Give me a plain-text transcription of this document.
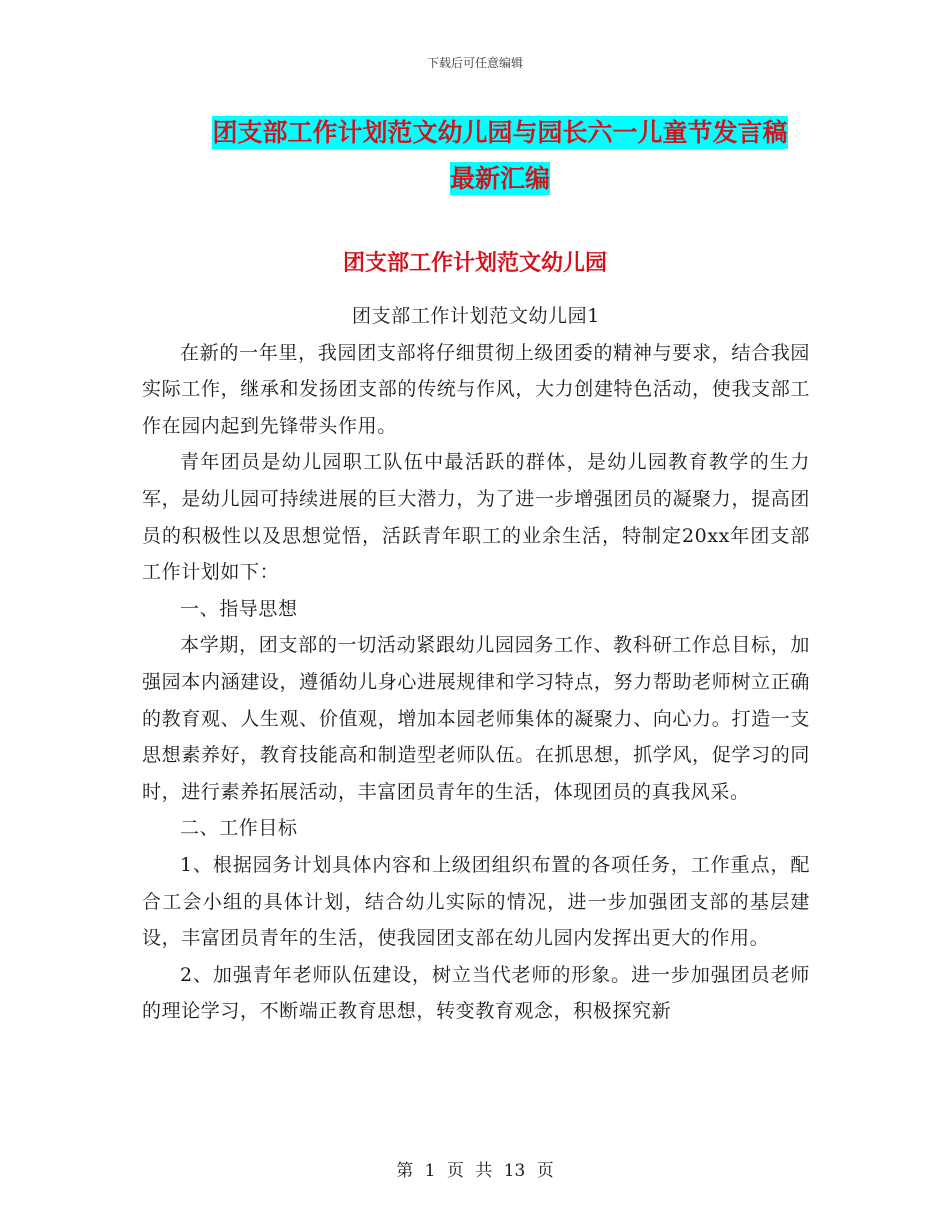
下载后可任意编辑
团支部工作计划范文幼儿园与园长六一儿童节发言稿
最新汇编
团支部工作计划范文幼儿园

团支部工作计划范文幼儿园1

在新的一年里，我园团支部将仔细贯彻上级团委的精神与要求，结合我园实际工作，继承和发扬团支部的传统与作风，大力创建特色活动，使我支部工作在园内起到先锋带头作用。

青年团员是幼儿园职工队伍中最活跃的群体，是幼儿园教育教学的生力军，是幼儿园可持续进展的巨大潜力，为了进一步增强团员的凝聚力，提高团员的积极性以及思想觉悟，活跃青年职工的业余生活，特制定20xx年团支部工作计划如下：

一、指导思想

本学期，团支部的一切活动紧跟幼儿园园务工作、教科研工作总目标，加强园本内涵建设，遵循幼儿身心进展规律和学习特点，努力帮助老师树立正确的教育观、人生观、价值观，增加本园老师集体的凝聚力、向心力。打造一支思想素养好，教育技能高和制造型老师队伍。在抓思想，抓学风，促学习的同时，进行素养拓展活动，丰富团员青年的生活，体现团员的真我风采。

二、工作目标

1、根据园务计划具体内容和上级团组织布置的各项任务，工作重点，配合工会小组的具体计划，结合幼儿实际的情况，进一步加强团支部的基层建设，丰富团员青年的生活，使我园团支部在幼儿园内发挥出更大的作用。

2、加强青年老师队伍建设，树立当代老师的形象。进一步加强团员老师的理论学习，不断端正教育思想，转变教育观念，积极探究新

第 1 页 共 13 页
